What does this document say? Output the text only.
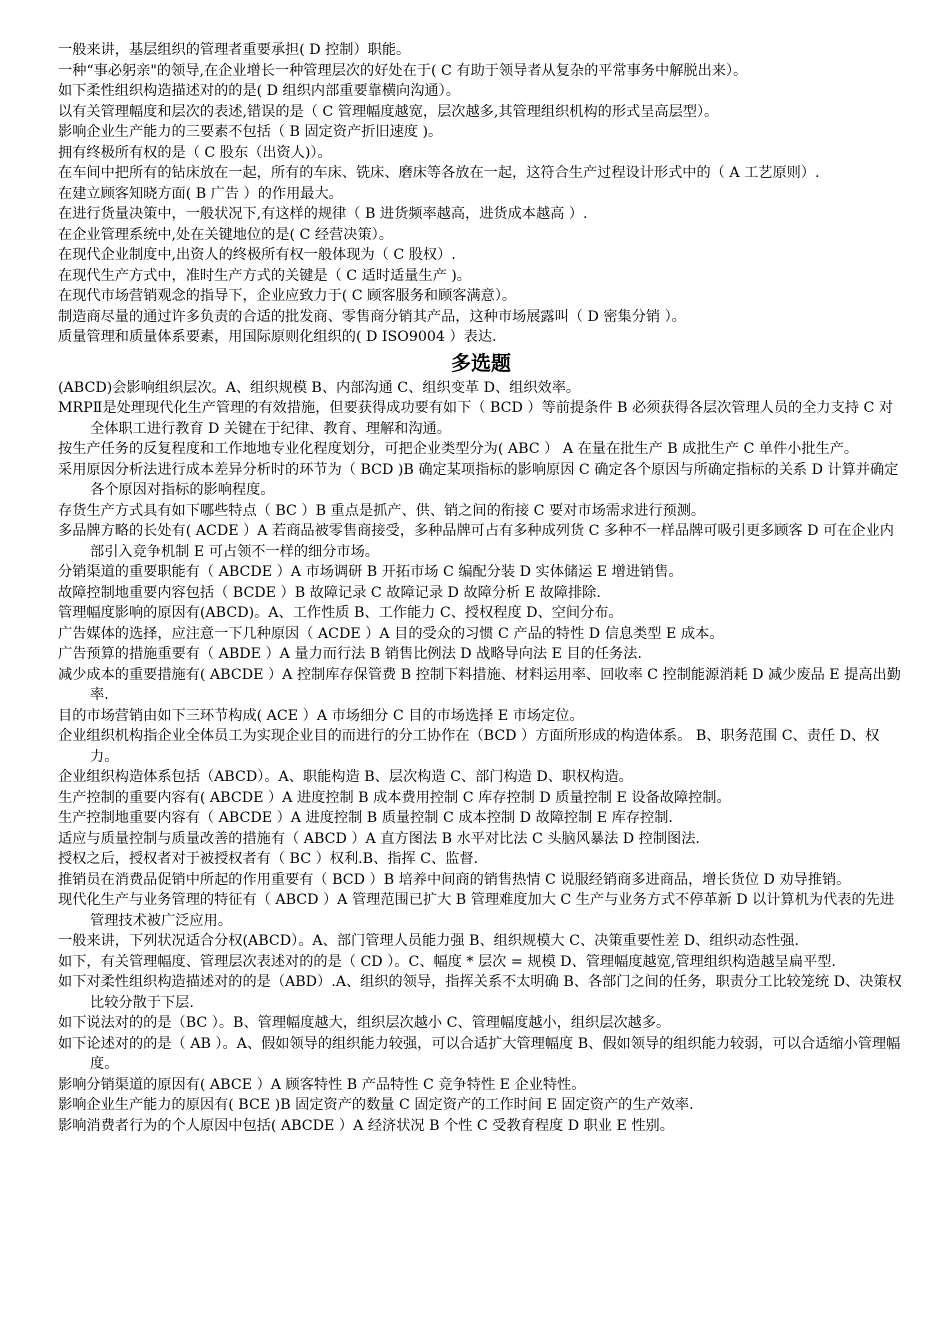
一般来讲，基层组织的管理者重要承担( D 控制）职能。
一种“事必躬亲"的领导,在企业增长一种管理层次的好处在于( C 有助于领导者从复杂的平常事务中解脱出来）。
如下柔性组织构造描述对的的是( D 组织内部重要靠横向沟通）。
以有关管理幅度和层次的表述,错误的是（ C 管理幅度越宽，层次越多,其管理组织机构的形式呈高层型）。
影响企业生产能力的三要素不包括（ B 固定资产折旧速度 )。
拥有终极所有权的是（ C 股东（出资人)）。
在车间中把所有的钻床放在一起，所有的车床、铣床、磨床等各放在一起，这符合生产过程设计形式中的（ A 工艺原则）.
在建立顾客知晓方面( B 广告 ）的作用最大。
在进行货量决策中，一般状况下,有这样的规律（ B 进货频率越高，进货成本越高 ）.
在企业管理系统中,处在关键地位的是( C 经营决策）。
在现代企业制度中,出资人的终极所有权一般体现为（ C 股权）.
在现代生产方式中，准时生产方式的关键是（ C 适时适量生产 )。
在现代市场营销观念的指导下，企业应致力于( C 顾客服务和顾客满意）。
制造商尽量的通过许多负责的合适的批发商、零售商分销其产品，这种市场展露叫（ D 密集分销 ）。
质量管理和质量体系要素，用国际原则化组织的( D ISO9004 ）表达.
多选题
(ABCD)会影响组织层次。A、组织规模 B、内部沟通 C、组织变革 D、组织效率。
MRPⅡ是处理现代化生产管理的有效措施，但要获得成功要有如下（ BCD ）等前提条件 B 必须获得各层次管理人员的全力支持 C 对全体职工进行教育 D 关键在于纪律、教育、理解和沟通。
按生产任务的反复程度和工作地地专业化程度划分，可把企业类型分为( ABC ） A 在量在批生产 B 成批生产 C 单件小批生产。
采用原因分析法进行成本差异分析时的环节为（ BCD )B 确定某项指标的影响原因 C 确定各个原因与所确定指标的关系 D 计算并确定各个原因对指标的影响程度。
存货生产方式具有如下哪些特点（ BC ）B 重点是抓产、供、销之间的衔接 C 要对市场需求进行预测。
多品牌方略的长处有( ACDE ）A 若商品被零售商接受，多种品牌可占有多种成列货 C 多种不一样品牌可吸引更多顾客 D 可在企业内部引入竞争机制 E 可占领不一样的细分市场。
分销渠道的重要职能有（ ABCDE ）A 市场调研 B 开拓市场 C 编配分装 D 实体储运 E 增进销售。
故障控制地重要内容包括（ BCDE ）B 故障记录 C 故障记录 D 故障分析 E 故障排除.
管理幅度影响的原因有(ABCD)。A、工作性质 B、工作能力 C、授权程度 D、空间分布。
广告媒体的选择，应注意一下几种原因（ ACDE ）A 目的受众的习惯 C 产品的特性 D 信息类型 E 成本。
广告预算的措施重要有（ ABDE ）A 量力而行法 B 销售比例法 D 战略导向法 E 目的任务法.
减少成本的重要措施有( ABCDE ）A 控制库存保管费 B 控制下料措施、材料运用率、回收率 C 控制能源消耗 D 减少废品 E 提高出勤率.
目的市场营销由如下三环节构成( ACE ）A 市场细分 C 目的市场选择 E 市场定位。
企业组织机构指企业全体员工为实现企业目的而进行的分工协作在（BCD ）方面所形成的构造体系。 B、职务范围 C、责任 D、权力。
企业组织构造体系包括（ABCD）。A、职能构造 B、层次构造 C、部门构造 D、职权构造。
生产控制的重要内容有( ABCDE ）A 进度控制 B 成本费用控制 C 库存控制 D 质量控制 E 设备故障控制。
生产控制地重要内容有（ ABCDE ）A 进度控制 B 质量控制 C 成本控制 D 故障控制 E 库存控制.
适应与质量控制与质量改善的措施有（ ABCD ）A 直方图法 B 水平对比法 C 头脑风暴法 D 控制图法.
授权之后，授权者对于被授权者有（ BC ）权利.B、指挥 C、监督.
推销员在消费品促销中所起的作用重要有（ BCD ）B 培养中间商的销售热情 C 说服经销商多进商品，增长货位 D 劝导推销。
现代化生产与业务管理的特征有（ ABCD ）A 管理范围已扩大 B 管理难度加大 C 生产与业务方式不停革新 D 以计算机为代表的先进管理技术被广泛应用。
一般来讲，下列状况适合分权(ABCD）。A、部门管理人员能力强 B、组织规模大 C、决策重要性差 D、组织动态性强.
如下，有关管理幅度、管理层次表述对的的是（ CD ）。C、幅度 * 层次 = 规模 D、管理幅度越宽,管理组织构造越呈扁平型.
如下对柔性组织构造描述对的的是（ABD）.A、组织的领导，指挥关系不太明确 B、各部门之间的任务，职责分工比较笼统 D、决策权比较分散于下层.
如下说法对的的是（BC ）。B、管理幅度越大，组织层次越小 C、管理幅度越小，组织层次越多。
如下论述对的的是（ AB ）。A、假如领导的组织能力较强，可以合适扩大管理幅度 B、假如领导的组织能力较弱，可以合适缩小管理幅度。
影响分销渠道的原因有( ABCE ）A 顾客特性 B 产品特性 C 竞争特性 E 企业特性。
影响企业生产能力的原因有( BCE )B 固定资产的数量 C 固定资产的工作时间 E 固定资产的生产效率.
影响消费者行为的个人原因中包括( ABCDE ）A 经济状况 B 个性 C 受教育程度 D 职业 E 性别。
